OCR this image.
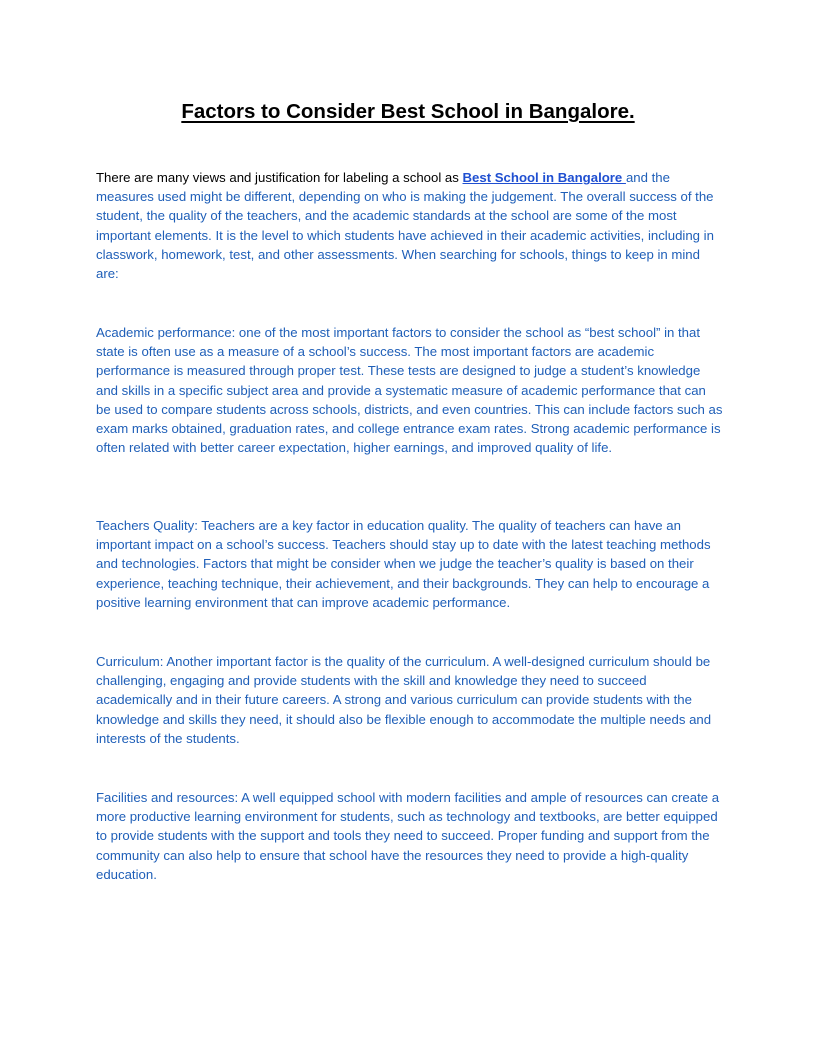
Factors to Consider Best School in Bangalore.

There are many views and justification for labeling a school as Best School in Bangalore and the measures used might be different, depending on who is making the judgement. The overall success of the student, the quality of the teachers, and the academic standards at the school are some of the most important elements. It is the level to which students have achieved in their academic activities, including in classwork, homework, test, and other assessments. When searching for schools, things to keep in mind are:

Academic performance: one of the most important factors to consider the school as “best school” in that state is often use as a measure of a school’s success. The most important factors are academic performance is measured through proper test. These tests are designed to judge a student’s knowledge and skills in a specific subject area and provide a systematic measure of academic performance that can be used to compare students across schools, districts, and even countries. This can include factors such as exam marks obtained, graduation rates, and college entrance exam rates. Strong academic performance is often related with better career expectation, higher earnings, and improved quality of life.

Teachers Quality: Teachers are a key factor in education quality. The quality of teachers can have an important impact on a school’s success. Teachers should stay up to date with the latest teaching methods and technologies. Factors that might be consider when we judge the teacher’s quality is based on their experience, teaching technique, their achievement, and their backgrounds. They can help to encourage a positive learning environment that can improve academic performance.

Curriculum: Another important factor is the quality of the curriculum. A well-designed curriculum should be challenging, engaging and provide students with the skill and knowledge they need to succeed academically and in their future careers. A strong and various curriculum can provide students with the knowledge and skills they need, it should also be flexible enough to accommodate the multiple needs and interests of the students.

Facilities and resources: A well equipped school with modern facilities and ample of resources can create a more productive learning environment for students, such as technology and textbooks, are better equipped to provide students with the support and tools they need to succeed. Proper funding and support from the community can also help to ensure that school have the resources they need to provide a high-quality education.
